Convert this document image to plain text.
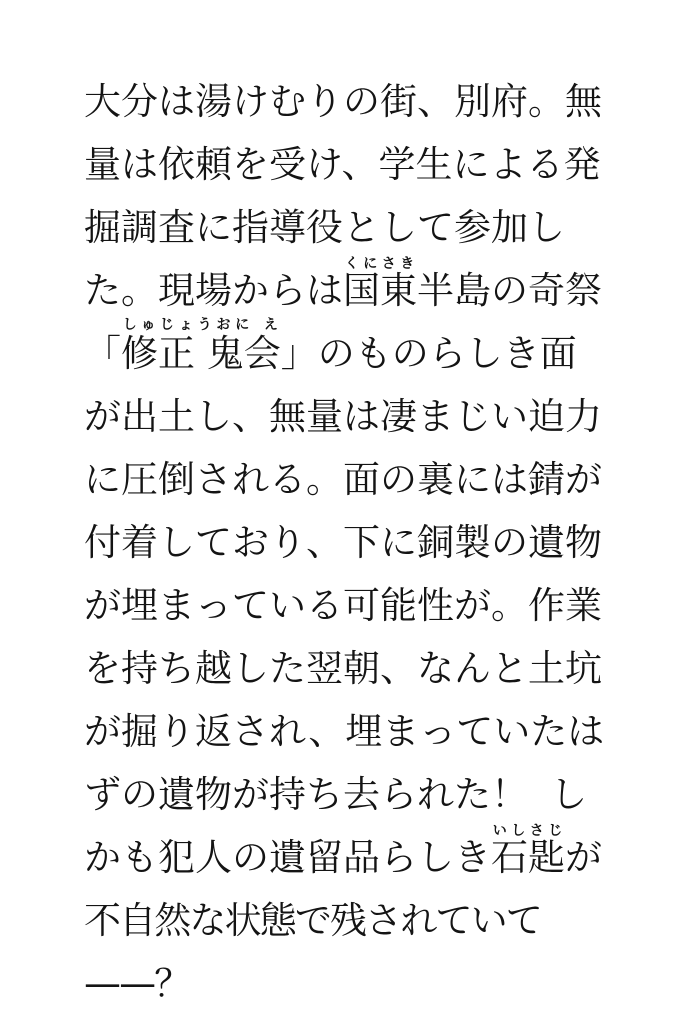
大分は湯けむりの街、別府。無量は依頼を受け、学生による発掘調査に指導役として参加した。現場からは国東くにさき半島の奇祭「修しゅ正 鬼会じょうおに え」のものらしき面が出土し、無量は凄まじい迫力に圧倒される。面の裏には錆が付着しており、下に銅製の遺物が埋まっている可能性が。作業を持ち越した翌朝、なんと土坑が掘り返され、埋まっていたはずの遺物が持ち去られた！ しかも犯人の遺留品らしき石匙いしさじが不自然な状態で残されていて——？
